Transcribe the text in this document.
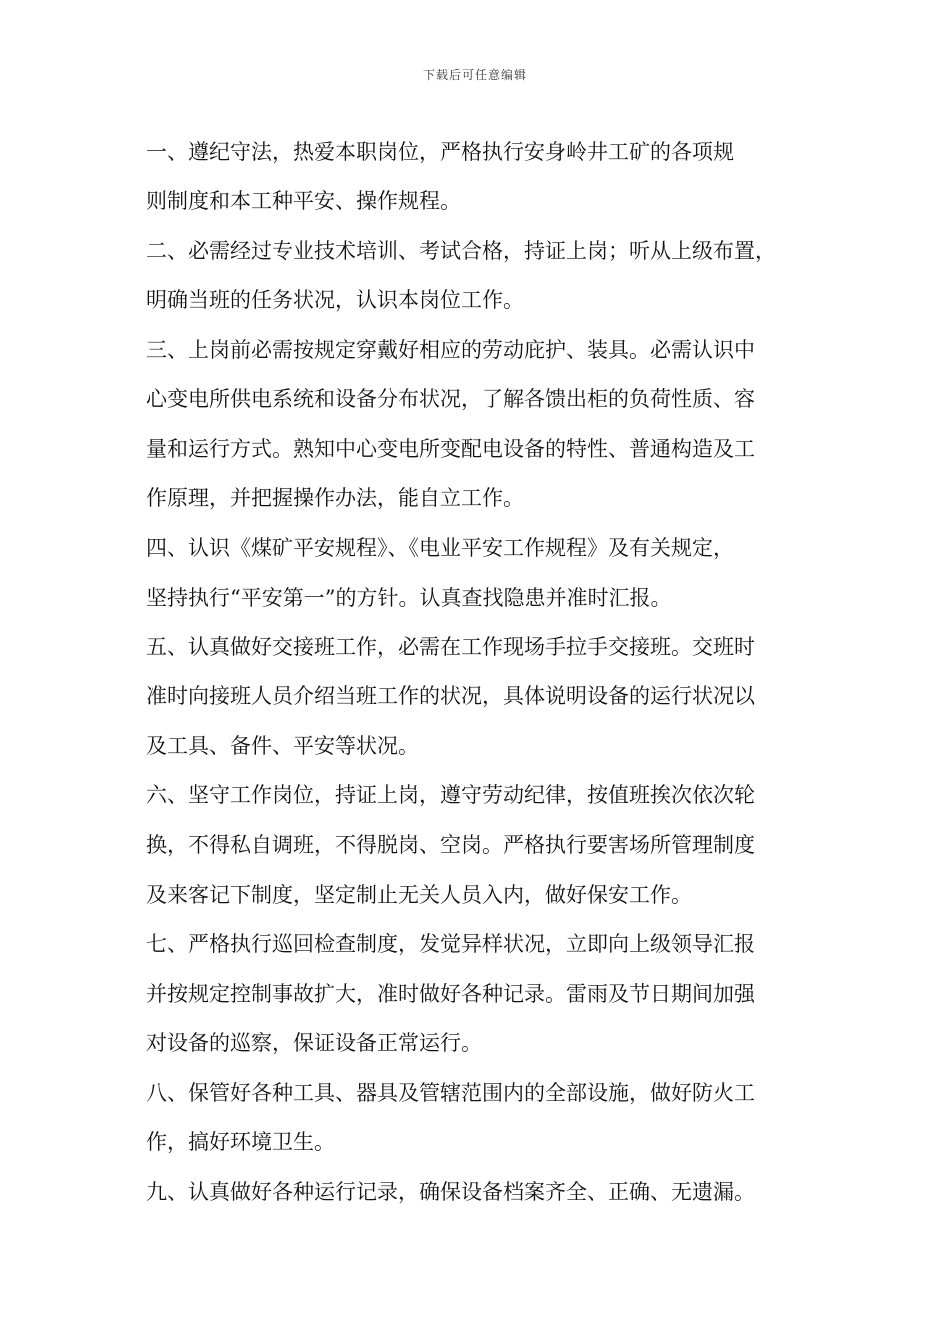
下载后可任意编辑
一、遵纪守法，热爱本职岗位，严格执行安身岭井工矿的各项规
则制度和本工种平安、操作规程。
二、必需经过专业技术培训、考试合格，持证上岗；听从上级布置，
明确当班的任务状况，认识本岗位工作。
三、上岗前必需按规定穿戴好相应的劳动庇护、装具。必需认识中
心变电所供电系统和设备分布状况，了解各馈出柜的负荷性质、容
量和运行方式。熟知中心变电所变配电设备的特性、普通构造及工
作原理，并把握操作办法，能自立工作。
四、认识《煤矿平安规程》、《电业平安工作规程》及有关规定，
坚持执行“平安第一”的方针。认真查找隐患并准时汇报。
五、认真做好交接班工作，必需在工作现场手拉手交接班。交班时
准时向接班人员介绍当班工作的状况，具体说明设备的运行状况以
及工具、备件、平安等状况。
六、坚守工作岗位，持证上岗，遵守劳动纪律，按值班挨次依次轮
换，不得私自调班，不得脱岗、空岗。严格执行要害场所管理制度
及来客记下制度，坚定制止无关人员入内，做好保安工作。
七、严格执行巡回检查制度，发觉异样状况，立即向上级领导汇报
并按规定控制事故扩大，准时做好各种记录。雷雨及节日期间加强
对设备的巡察，保证设备正常运行。
八、保管好各种工具、器具及管辖范围内的全部设施，做好防火工
作，搞好环境卫生。
九、认真做好各种运行记录，确保设备档案齐全、正确、无遗漏。
